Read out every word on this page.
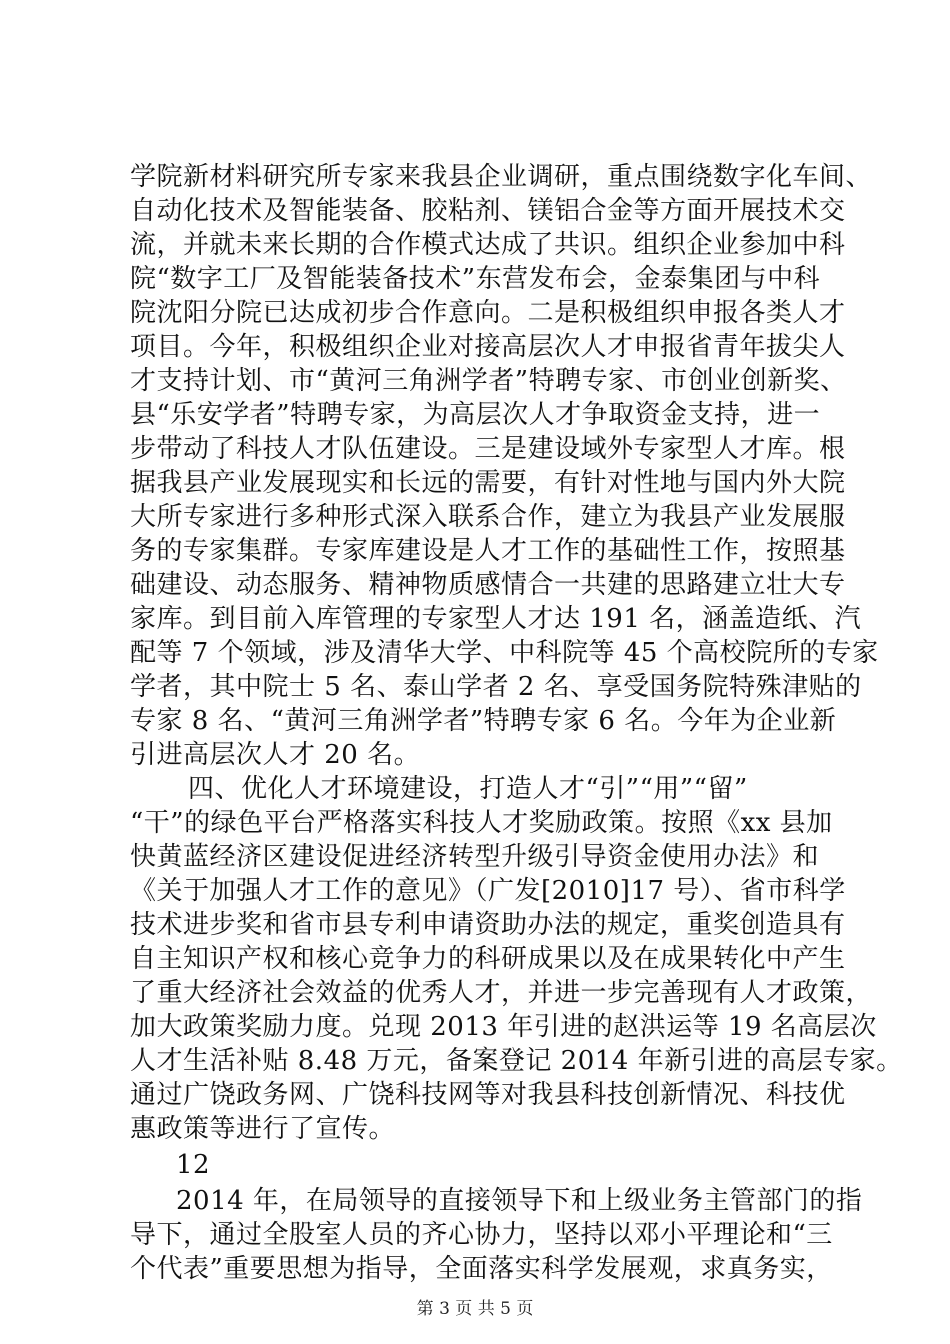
学院新材料研究所专家来我县企业调研，重点围绕数字化车间、
自动化技术及智能装备、胶粘剂、镁铝合金等方面开展技术交
流，并就未来长期的合作模式达成了共识。组织企业参加中科
院“数字工厂及智能装备技术”东营发布会，金泰集团与中科
院沈阳分院已达成初步合作意向。二是积极组织申报各类人才
项目。今年，积极组织企业对接高层次人才申报省青年拔尖人
才支持计划、市“黄河三角洲学者”特聘专家、市创业创新奖、
县“乐安学者”特聘专家，为高层次人才争取资金支持，进一
步带动了科技人才队伍建设。三是建设域外专家型人才库。根
据我县产业发展现实和长远的需要，有针对性地与国内外大院
大所专家进行多种形式深入联系合作，建立为我县产业发展服
务的专家集群。专家库建设是人才工作的基础性工作，按照基
础建设、动态服务、精神物质感情合一共建的思路建立壮大专
家库。到目前入库管理的专家型人才达 191 名，涵盖造纸、汽
配等 7 个领域，涉及清华大学、中科院等 45 个高校院所的专家
学者，其中院士 5 名、泰山学者 2 名、享受国务院特殊津贴的
专家 8 名、“黄河三角洲学者”特聘专家 6 名。今年为企业新
引进高层次人才 20 名。
四、优化人才环境建设，打造人才“引”“用”“留”
“干”的绿色平台严格落实科技人才奖励政策。按照《xx 县加
快黄蓝经济区建设促进经济转型升级引导资金使用办法》和
《关于加强人才工作的意见》（广发[2010]17 号）、省市科学
技术进步奖和省市县专利申请资助办法的规定，重奖创造具有
自主知识产权和核心竞争力的科研成果以及在成果转化中产生
了重大经济社会效益的优秀人才，并进一步完善现有人才政策，
加大政策奖励力度。兑现 2013 年引进的赵洪运等 19 名高层次
人才生活补贴 8.48 万元，备案登记 2014 年新引进的高层专家。
通过广饶政务网、广饶科技网等对我县科技创新情况、科技优
惠政策等进行了宣传。
12
2014 年，在局领导的直接领导下和上级业务主管部门的指
导下，通过全股室人员的齐心协力，坚持以邓小平理论和“三
个代表”重要思想为指导，全面落实科学发展观，求真务实，
第 3 页 共 5 页
